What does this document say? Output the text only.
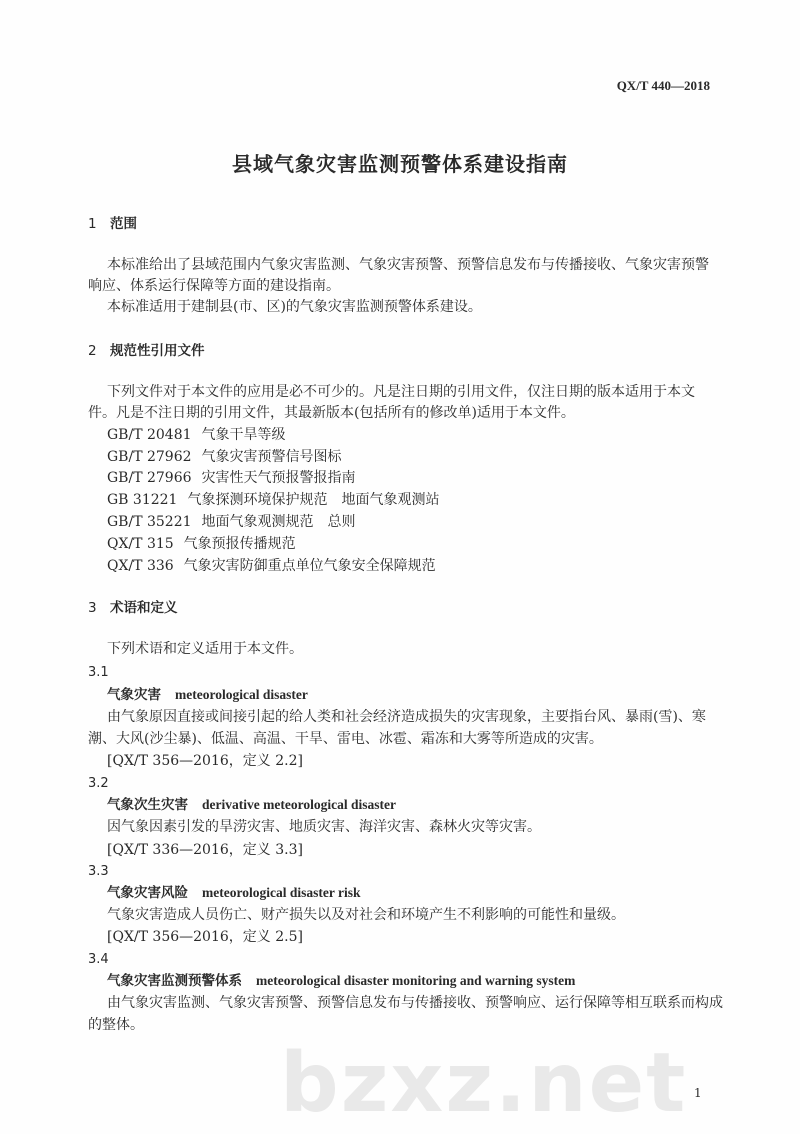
QX/T 440—2018
县域气象灾害监测预警体系建设指南
1 范围
本标准给出了县域范围内气象灾害监测、气象灾害预警、预警信息发布与传播接收、气象灾害预警
响应、体系运行保障等方面的建设指南。
本标准适用于建制县(市、区)的气象灾害监测预警体系建设。
2 规范性引用文件
下列文件对于本文件的应用是必不可少的。凡是注日期的引用文件，仅注日期的版本适用于本文
件。凡是不注日期的引用文件，其最新版本(包括所有的修改单)适用于本文件。
GB/T 20481 气象干旱等级
GB/T 27962 气象灾害预警信号图标
GB/T 27966 灾害性天气预报警报指南
GB 31221 气象探测环境保护规范　地面气象观测站
GB/T 35221 地面气象观测规范　总则
QX/T 315 气象预报传播规范
QX/T 336 气象灾害防御重点单位气象安全保障规范
3 术语和定义
下列术语和定义适用于本文件。
3.1
气象灾害 meteorological disaster
由气象原因直接或间接引起的给人类和社会经济造成损失的灾害现象，主要指台风、暴雨(雪)、寒
潮、大风(沙尘暴)、低温、高温、干旱、雷电、冰雹、霜冻和大雾等所造成的灾害。
[QX/T 356—2016，定义 2.2]
3.2
气象次生灾害 derivative meteorological disaster
因气象因素引发的旱涝灾害、地质灾害、海洋灾害、森林火灾等灾害。
[QX/T 336—2016，定义 3.3]
3.3
气象灾害风险 meteorological disaster risk
气象灾害造成人员伤亡、财产损失以及对社会和环境产生不利影响的可能性和量级。
[QX/T 356—2016，定义 2.5]
3.4
气象灾害监测预警体系 meteorological disaster monitoring and warning system
由气象灾害监测、气象灾害预警、预警信息发布与传播接收、预警响应、运行保障等相互联系而构成
的整体。
bzxz.net 1
